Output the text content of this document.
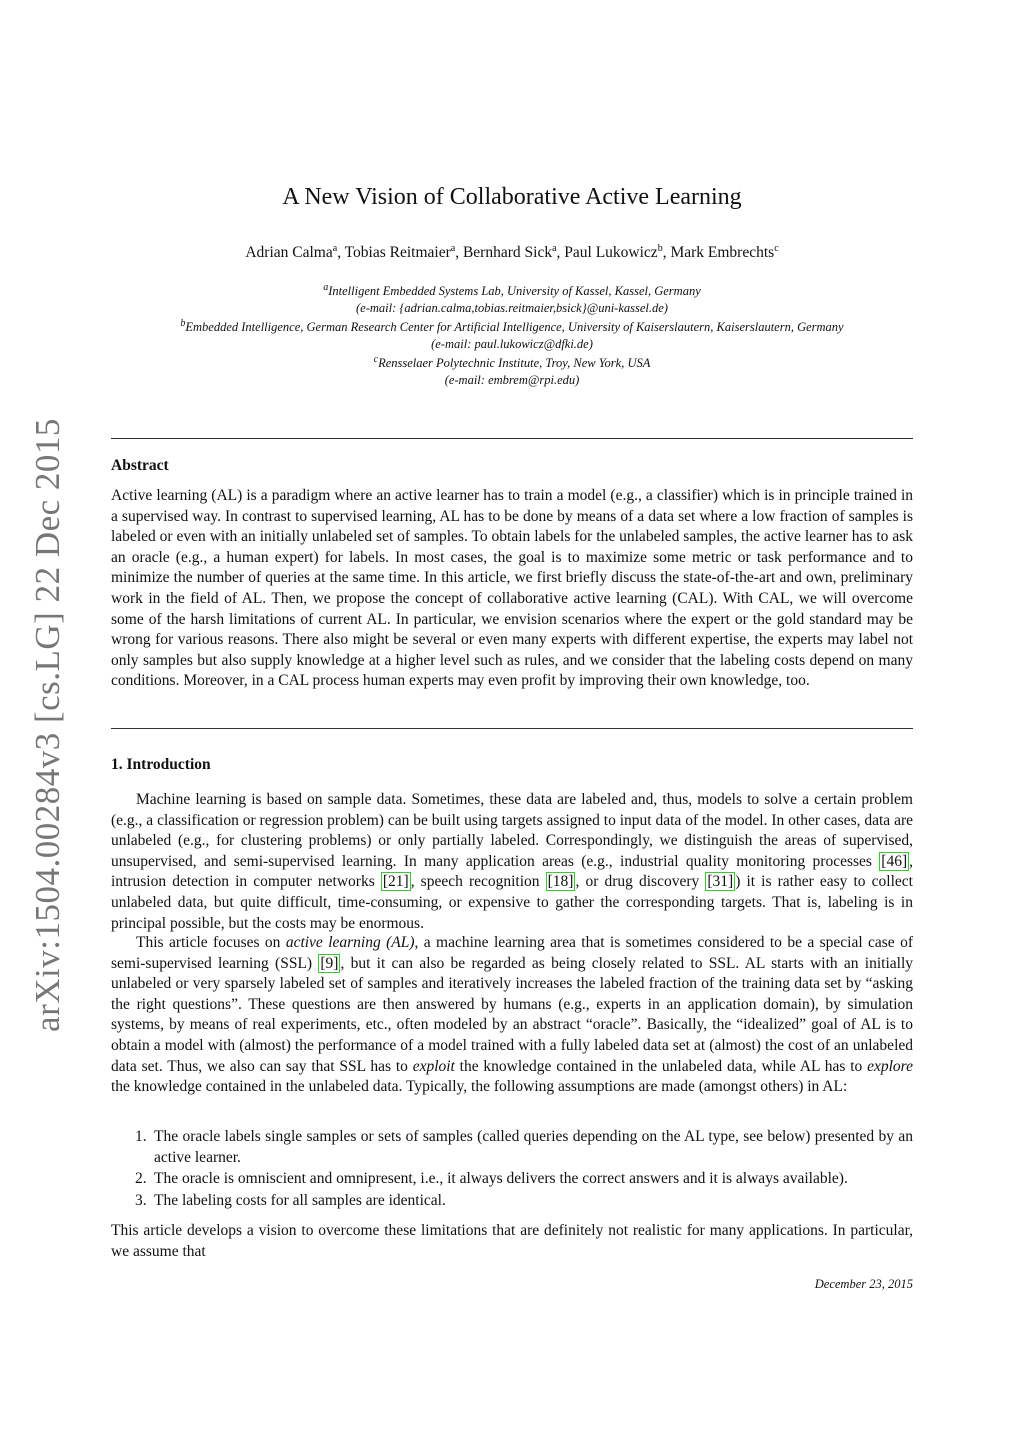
arXiv:1504.00284v3 [cs.LG] 22 Dec 2015
A New Vision of Collaborative Active Learning
Adrian Calma$^a$, Tobias Reitmaier$^a$, Bernhard Sick$^a$, Paul Lukowicz$^b$, Mark Embrechts$^c$
$^a$Intelligent Embedded Systems Lab, University of Kassel, Kassel, Germany
(e-mail: {adrian.calma,tobias.reitmaier,bsick}@uni-kassel.de)
$^b$Embedded Intelligence, German Research Center for Artificial Intelligence, University of Kaiserslautern, Kaiserslautern, Germany
(e-mail: paul.lukowicz@dfki.de)
$^c$Rensselaer Polytechnic Institute, Troy, New York, USA
(e-mail: embrem@rpi.edu)
Abstract

Active learning (AL) is a paradigm where an active learner has to train a model (e.g., a classifier) which is in principle trained in a supervised way. In contrast to supervised learning, AL has to be done by means of a data set where a low fraction of samples is labeled or even with an initially unlabeled set of samples. To obtain labels for the unlabeled samples, the active learner has to ask an oracle (e.g., a human expert) for labels. In most cases, the goal is to maximize some metric or task performance and to minimize the number of queries at the same time. In this article, we first briefly discuss the state-of-the-art and own, preliminary work in the field of AL. Then, we propose the concept of collaborative active learning (CAL). With CAL, we will overcome some of the harsh limitations of current AL. In particular, we envision scenarios where the expert or the gold standard may be wrong for various reasons. There also might be several or even many experts with different expertise, the experts may label not only samples but also supply knowledge at a higher level such as rules, and we consider that the labeling costs depend on many conditions. Moreover, in a CAL process human experts may even profit by improving their own knowledge, too.

1. Introduction

Machine learning is based on sample data. Sometimes, these data are labeled and, thus, models to solve a certain problem (e.g., a classification or regression problem) can be built using targets assigned to input data of the model. In other cases, data are unlabeled (e.g., for clustering problems) or only partially labeled. Correspondingly, we distinguish the areas of supervised, unsupervised, and semi-supervised learning. In many application areas (e.g., industrial quality monitoring processes [46] , intrusion detection in computer networks [21] , speech recognition [18] , or drug discovery [31] ) it is rather easy to collect unlabeled data, but quite difficult, time-consuming, or expensive to gather the corresponding targets. That is, labeling is in principal possible, but the costs may be enormous.

This article focuses on active learning (AL), a machine learning area that is sometimes considered to be a special case of semi-supervised learning (SSL) [9] , but it can also be regarded as being closely related to SSL. AL starts with an initially unlabeled or very sparsely labeled set of samples and iteratively increases the labeled fraction of the training data set by “asking the right questions”. These questions are then answered by humans (e.g., experts in an application domain), by simulation systems, by means of real experiments, etc., often modeled by an abstract “oracle”. Basically, the “idealized” goal of AL is to obtain a model with (almost) the performance of a model trained with a fully labeled data set at (almost) the cost of an unlabeled data set. Thus, we also can say that SSL has to exploit the knowledge contained in the unlabeled data, while AL has to explore the knowledge contained in the unlabeled data. Typically, the following assumptions are made (amongst others) in AL:

1. The oracle labels single samples or sets of samples (called queries depending on the AL type, see below) presented by an active learner.
2. The oracle is omniscient and omnipresent, i.e., it always delivers the correct answers and it is always available).
3. The labeling costs for all samples are identical.

This article develops a vision to overcome these limitations that are definitely not realistic for many applications. In particular, we assume that

December 23, 2015
